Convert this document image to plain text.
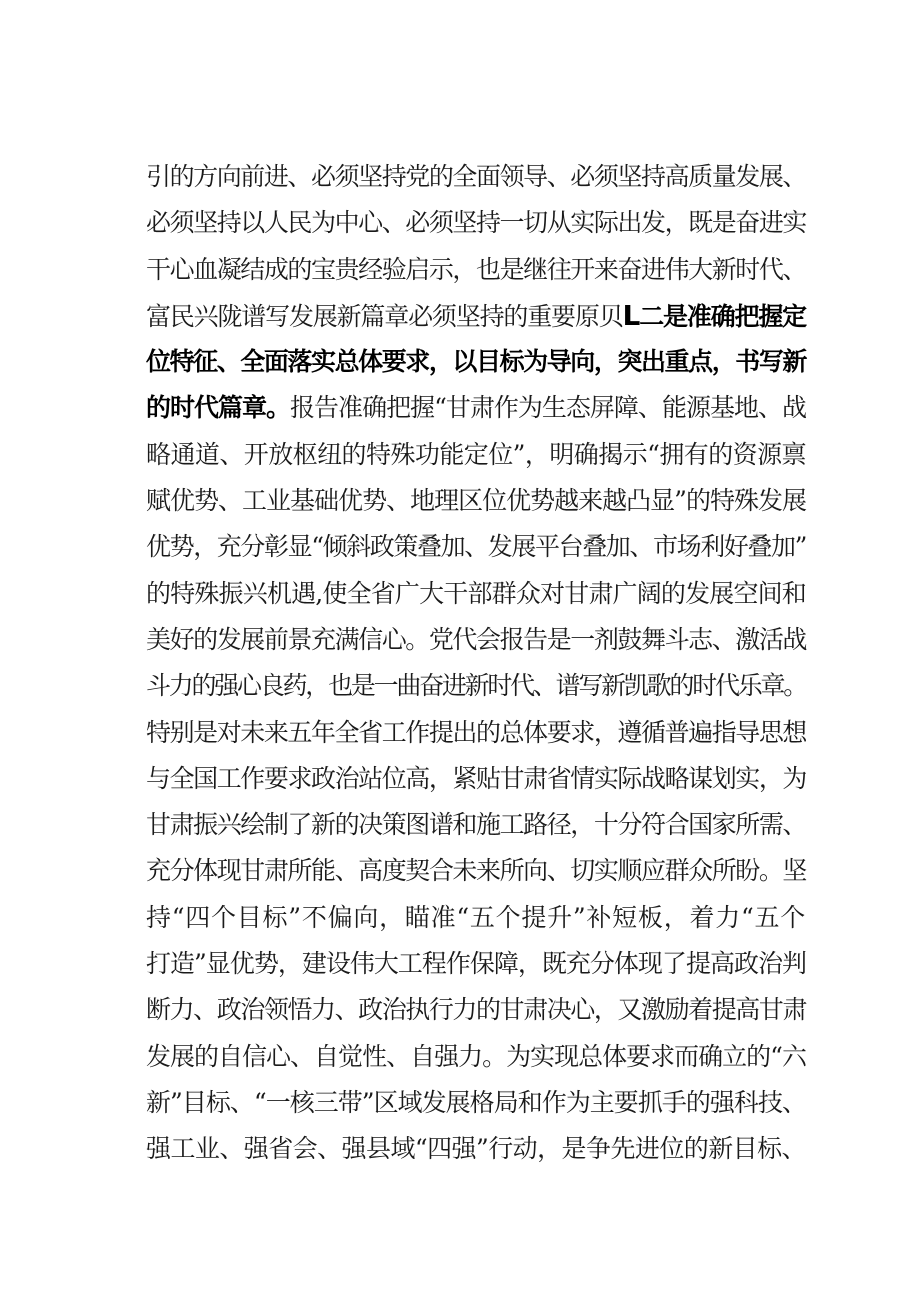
引的方向前进、必须坚持党的全面领导、必须坚持高质量发展、
必须坚持以人民为中心、必须坚持一切从实际出发，既是奋进实
干心血凝结成的宝贵经验启示，也是继往开来奋进伟大新时代、
富民兴陇谱写发展新篇章必须坚持的重要原贝L二是准确把握定
位特征、全面落实总体要求，以目标为导向，突出重点，书写新
的时代篇章。报告准确把握“甘肃作为生态屏障、能源基地、战
略通道、开放枢纽的特殊功能定位”，明确揭示“拥有的资源禀
赋优势、工业基础优势、地理区位优势越来越凸显”的特殊发展
优势，充分彰显“倾斜政策叠加、发展平台叠加、市场利好叠加”
的特殊振兴机遇,使全省广大干部群众对甘肃广阔的发展空间和
美好的发展前景充满信心。党代会报告是一剂鼓舞斗志、激活战
斗力的强心良药，也是一曲奋进新时代、谱写新凯歌的时代乐章。
特别是对未来五年全省工作提出的总体要求，遵循普遍指导思想
与全国工作要求政治站位高，紧贴甘肃省情实际战略谋划实，为
甘肃振兴绘制了新的决策图谱和施工路径，十分符合国家所需、
充分体现甘肃所能、高度契合未来所向、切实顺应群众所盼。坚
持“四个目标”不偏向，瞄准“五个提升”补短板，着力“五个
打造”显优势，建设伟大工程作保障，既充分体现了提高政治判
断力、政治领悟力、政治执行力的甘肃决心，又激励着提高甘肃
发展的自信心、自觉性、自强力。为实现总体要求而确立的“六
新”目标、“一核三带”区域发展格局和作为主要抓手的强科技、
强工业、强省会、强县域“四强”行动，是争先进位的新目标、
